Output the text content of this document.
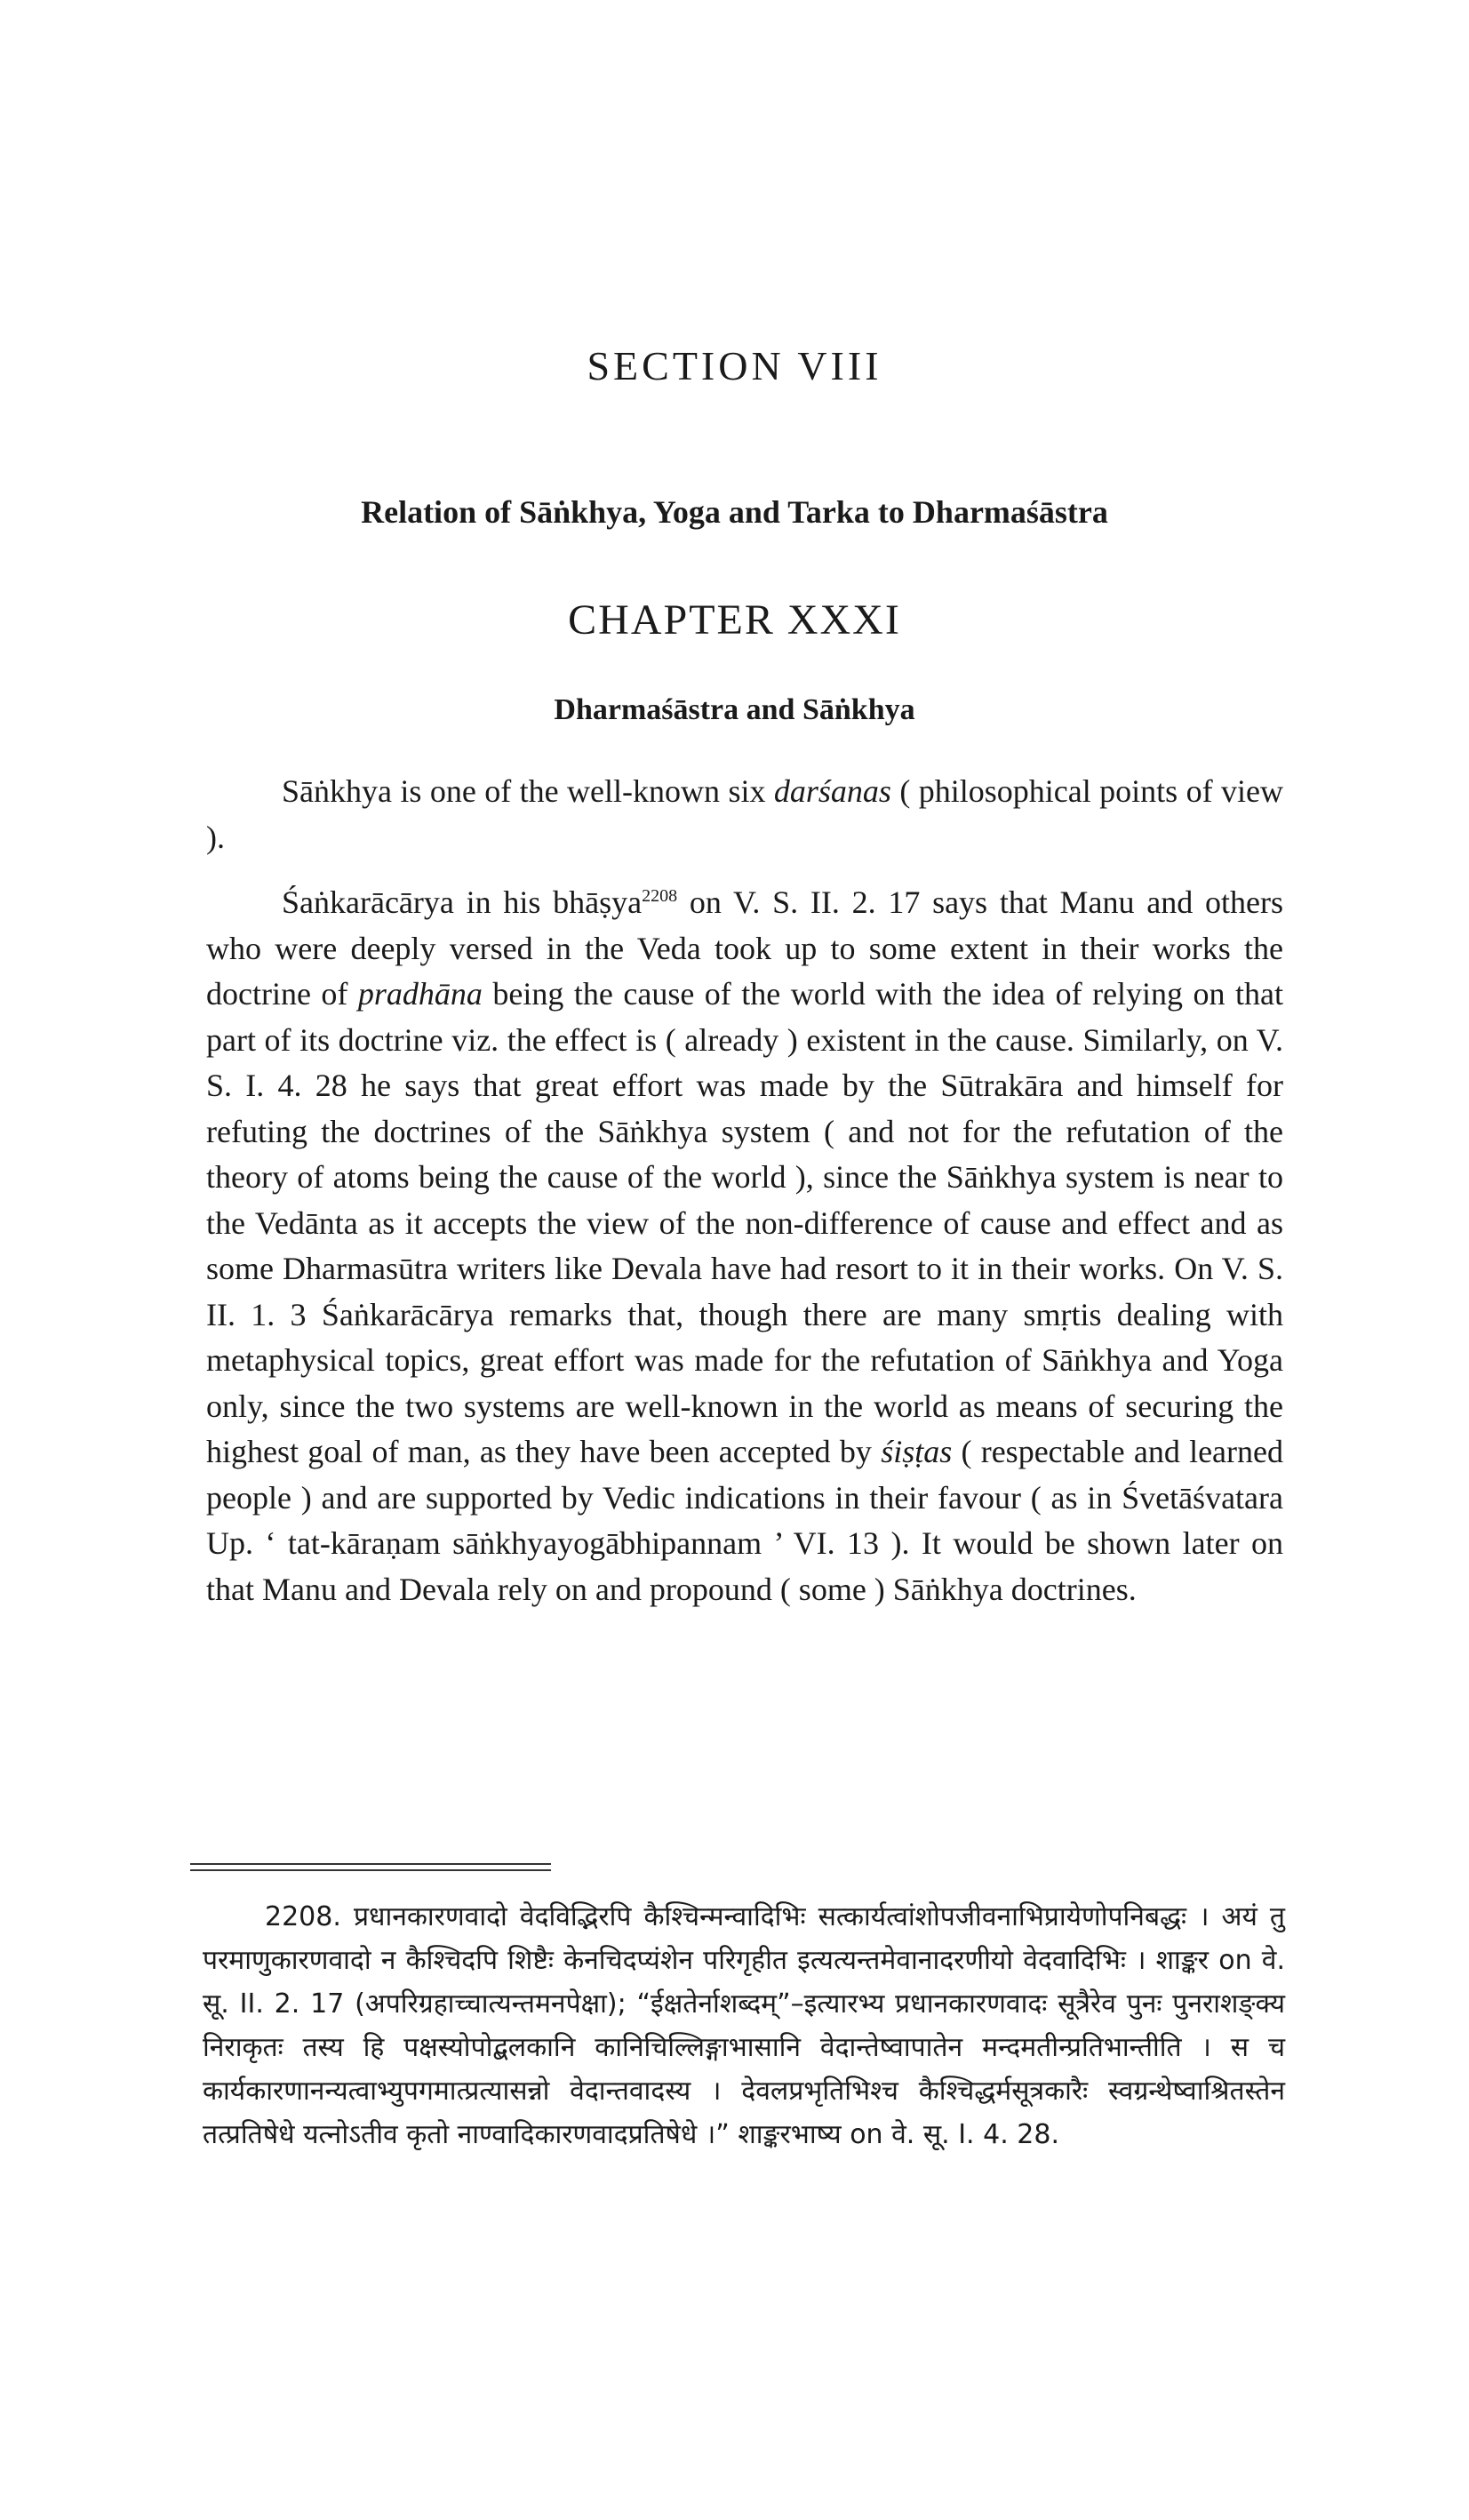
SECTION VIII
Relation of Sāṅkhya, Yoga and Tarka to Dharmaśāstra
CHAPTER XXXI
Dharmaśāstra and Sāṅkhya

Sāṅkhya is one of the well-known six darśanas ( philosophical points of view ).

Śaṅkarācārya in his bhāṣya$^{2208}$ on V. S. II. 2. 17 says that Manu and others who were deeply versed in the Veda took up to some extent in their works the doctrine of pradhāna being the cause of the world with the idea of relying on that part of its doctrine viz. the effect is ( already ) existent in the cause. Similarly, on V. S. I. 4. 28 he says that great effort was made by the Sūtrakāra and himself for refuting the doctrines of the Sāṅkhya system ( and not for the refutation of the theory of atoms being the cause of the world ), since the Sāṅkhya system is near to the Vedānta as it accepts the view of the non-difference of cause and effect and as some Dharmasūtra writers like Devala have had resort to it in their works. On V. S. II. 1. 3 Śaṅkarācārya remarks that, though there are many smṛtis dealing with metaphysical topics, great effort was made for the refutation of Sāṅkhya and Yoga only, since the two systems are well-known in the world as means of securing the highest goal of man, as they have been accepted by śiṣṭas ( respectable and learned people ) and are supported by Vedic indications in their favour ( as in Śvetāśvatara Up. ‘ tat-kāraṇam sāṅkhyayogābhipannam ’ VI. 13 ). It would be shown later on that Manu and Devala rely on and propound ( some ) Sāṅkhya doctrines.

2208. प्रधानकारणवादो वेदविद्भिरपि कैश्चिन्मन्वादिभिः सत्कार्यत्वांशोपजीवनाभिप्रायेणोपनिबद्धः । अयं तु परमाणुकारणवादो न कैश्चिदपि शिष्टैः केनचिदप्यंशेन परिगृहीत इत्यत्यन्तमेवानादरणीयो वेदवादिभिः । शाङ्कर on वे. सू. II. 2. 17 (अपरिग्रहाच्चात्यन्तमनपेक्षा); “ईक्षतेर्नाशब्दम्”–इत्यारभ्य प्रधानकारणवादः सूत्रैरेव पुनः पुनराशङ्क्य निराकृतः तस्य हि पक्षस्योपोद्बलकानि कानिचिल्लिङ्गाभासानि वेदान्तेष्वापातेन मन्दमतीन्प्रतिभान्तीति । स च कार्यकारणानन्यत्वाभ्युपगमात्प्रत्यासन्नो वेदान्तवादस्य । देवलप्रभृतिभिश्च कैश्चिद्धर्मसूत्रकारैः स्वग्रन्थेष्वाश्रितस्तेन तत्प्रतिषेधे यत्नोऽतीव कृतो नाण्वादिकारणवादप्रतिषेधे ।” शाङ्करभाष्य on वे. सू. I. 4. 28.
